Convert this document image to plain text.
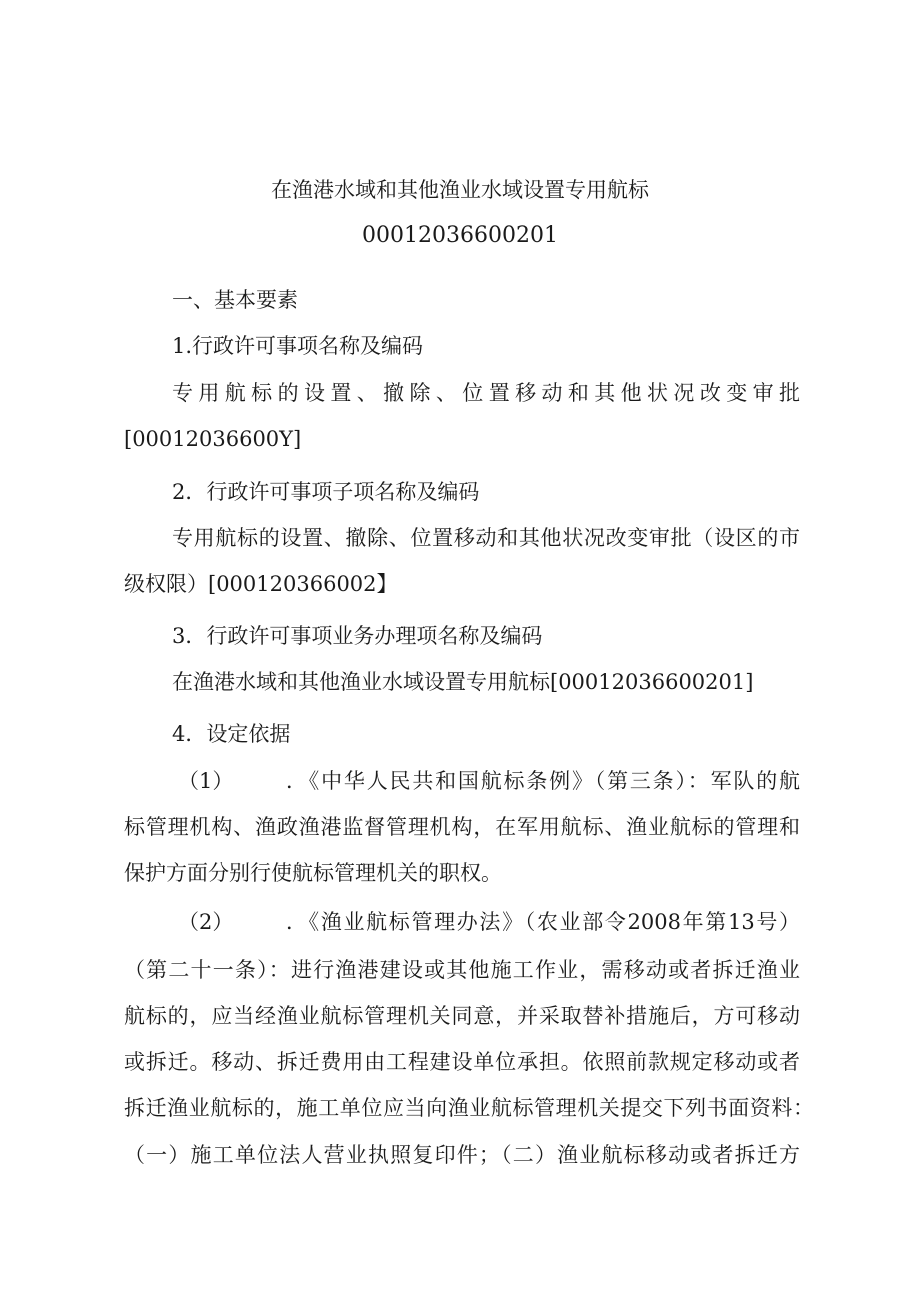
在渔港水域和其他渔业水域设置专用航标
00012036600201
一、基本要素
1.行政许可事项名称及编码
专用航标的设置、撤除、位置移动和其他状况改变审批
[00012036600Y]
2．行政许可事项子项名称及编码
专用航标的设置、撤除、位置移动和其他状况改变审批（设区的市
级权限）[000120366002】
3．行政许可事项业务办理项名称及编码
在渔港水域和其他渔业水域设置专用航标[00012036600201]
4．设定依据
（1）	．《中华人民共和国航标条例》（第三条）：军队的航
标管理机构、渔政渔港监督管理机构，在军用航标、渔业航标的管理和
保护方面分别行使航标管理机关的职权。
（2）	．《渔业航标管理办法》（农业部令2008年第13号）
（第二十一条）：进行渔港建设或其他施工作业，需移动或者拆迁渔业
航标的，应当经渔业航标管理机关同意，并采取替补措施后，方可移动
或拆迁。移动、拆迁费用由工程建设单位承担。依照前款规定移动或者
拆迁渔业航标的，施工单位应当向渔业航标管理机关提交下列书面资料：
（一）施工单位法人营业执照复印件；（二）渔业航标移动或者拆迁方
